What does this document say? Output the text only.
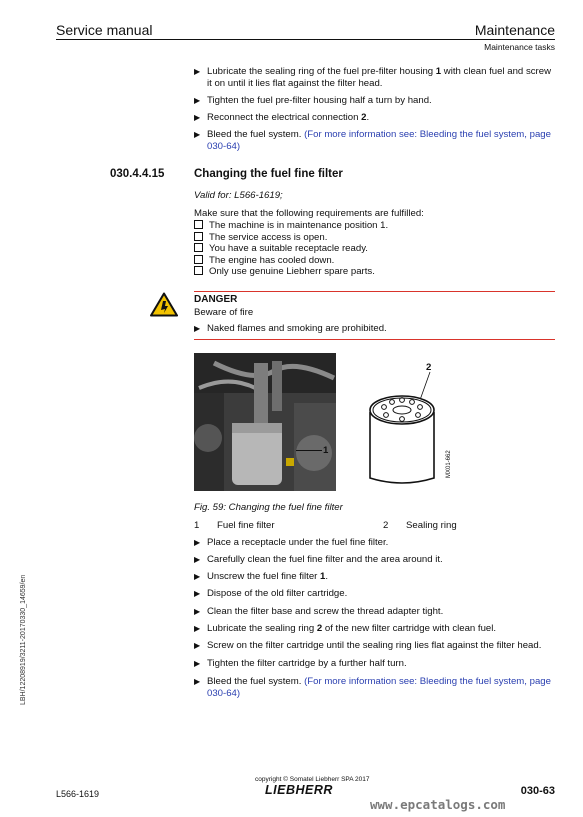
Service manual	Maintenance
Maintenance tasks
▶ Lubricate the sealing ring of the fuel pre-filter housing 1 with clean fuel and screw it on until it lies flat against the filter head.
▶ Tighten the fuel pre-filter housing half a turn by hand.
▶ Reconnect the electrical connection 2.
▶ Bleed the fuel system. (For more information see: Bleeding the fuel system, page 030-64)
030.4.4.15	Changing the fuel fine filter
Valid for: L566-1619;
Make sure that the following requirements are fulfilled:
The machine is in maintenance position 1.
The service access is open.
You have a suitable receptacle ready.
The engine has cooled down.
Only use genuine Liebherr spare parts.
DANGER
Beware of fire
▶ Naked flames and smoking are prohibited.
1
2
MX01-662
Fig. 59: Changing the fuel fine filter
1 Fuel fine filter	2 Sealing ring
▶ Place a receptacle under the fuel fine filter.
▶ Carefully clean the fuel fine filter and the area around it.
▶ Unscrew the fuel fine filter 1.
▶ Dispose of the old filter cartridge.
▶ Clean the filter base and screw the thread adapter tight.
▶ Lubricate the sealing ring 2 of the new filter cartridge with clean fuel.
▶ Screw on the filter cartridge until the sealing ring lies flat against the filter head.
▶ Tighten the filter cartridge by a further half turn.
▶ Bleed the fuel system. (For more information see: Bleeding the fuel system, page 030-64)
LBH/12208919/3211-20170330_14659/en
copyright © Somatel Liebherr SPA 2017
L566-1619	LIEBHERR	030-63
www.epcatalogs.com
